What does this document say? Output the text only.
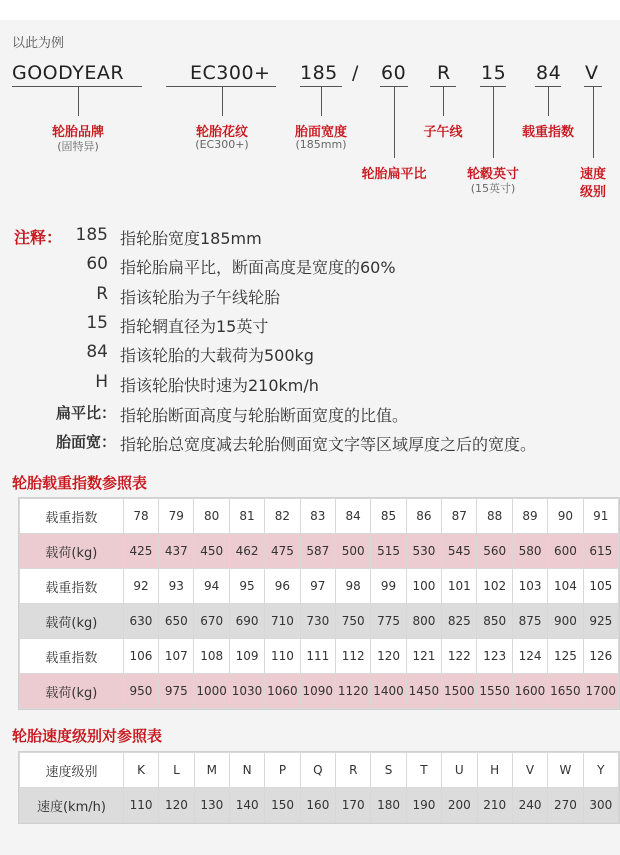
以此为例
GOODYEAR	EC300+ 185 / 60 R 15 84 V
轮胎品牌
(固特异)
轮胎花纹
(EC300+)
胎面宽度
(185mm)
轮胎扁平比
子午线
轮毂英寸
(15英寸)
载重指数
速度
级别
注释： 185 指轮胎宽度185mm
60 指轮胎扁平比，断面高度是宽度的60%
R 指该轮胎为子午线轮胎
15 指轮辋直径为15英寸
84 指该轮胎的大载荷为500kg
H 指该轮胎快时速为210km/h
扁平比： 指轮胎断面高度与轮胎断面宽度的比值。
胎面宽： 指轮胎总宽度减去轮胎侧面宽文字等区域厚度之后的宽度。
轮胎载重指数参照表
载重指数	78	79	80	81	82	83	84	85	86	87	88	89	90	91
载荷(kg)	425	437	450	462	475	587	500	515	530	545	560	580	600	615
载重指数	92	93	94	95	96	97	98	99	100	101	102	103	104	105
载荷(kg)	630	650	670	690	710	730	750	775	800	825	850	875	900	925
载重指数	106	107	108	109	110	111	112	120	121	122	123	124	125	126
载荷(kg)	950	975	1000	1030	1060	1090	1120	1400	1450	1500	1550	1600	1650	1700
轮胎速度级别对参照表
速度级别	K	L	M	N	P	Q	R	S	T	U	H	V	W	Y
速度(km/h)	110	120	130	140	150	160	170	180	190	200	210	240	270	300
